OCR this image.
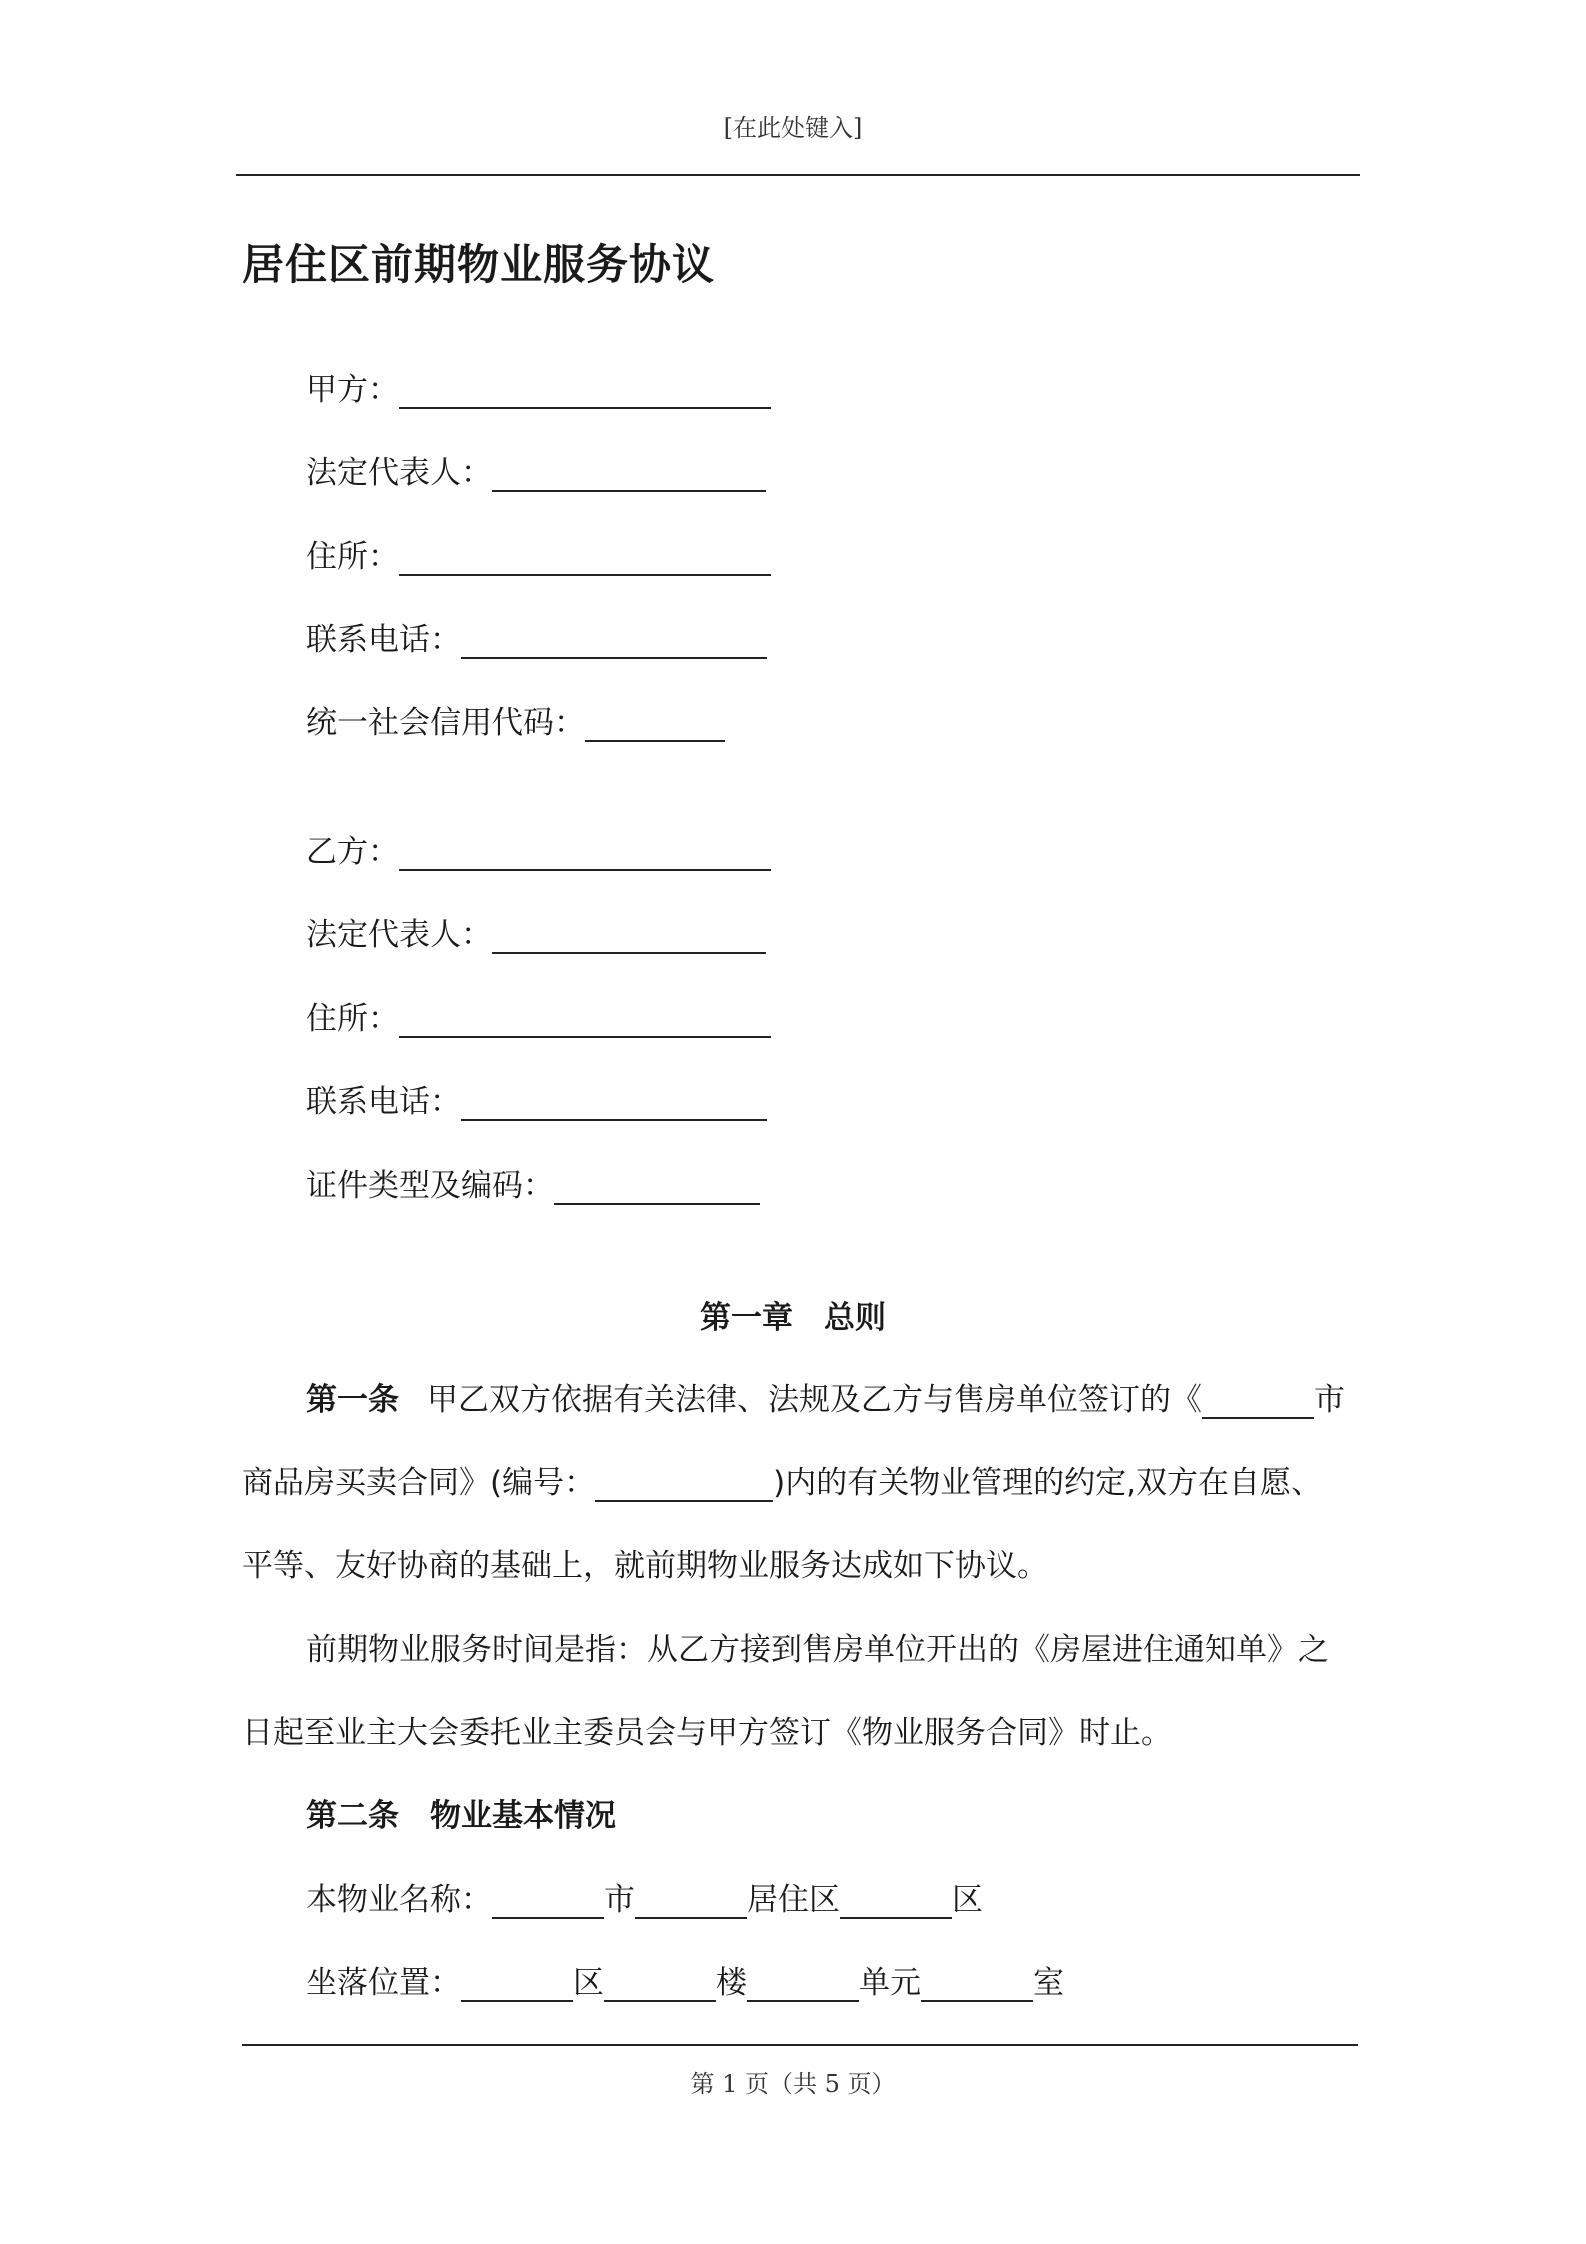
[在此处键入]
居住区前期物业服务协议
甲方：
法定代表人：
住所：
联系电话：
统一社会信用代码：
乙方：
法定代表人：
住所：
联系电话：
证件类型及编码：
第一章　总则
第一条 甲乙双方依据有关法律、法规及乙方与售房单位签订的《	市
商品房买卖合同》(编号：	)内的有关物业管理的约定,双方在自愿、
平等、友好协商的基础上，就前期物业服务达成如下协议。
前期物业服务时间是指：从乙方接到售房单位开出的《房屋进住通知单》之
日起至业主大会委托业主委员会与甲方签订《物业服务合同》时止。
第二条　物业基本情况
本物业名称：	市	居住区	区
坐落位置：	区	楼	单元	室
第 1 页（共 5 页）
